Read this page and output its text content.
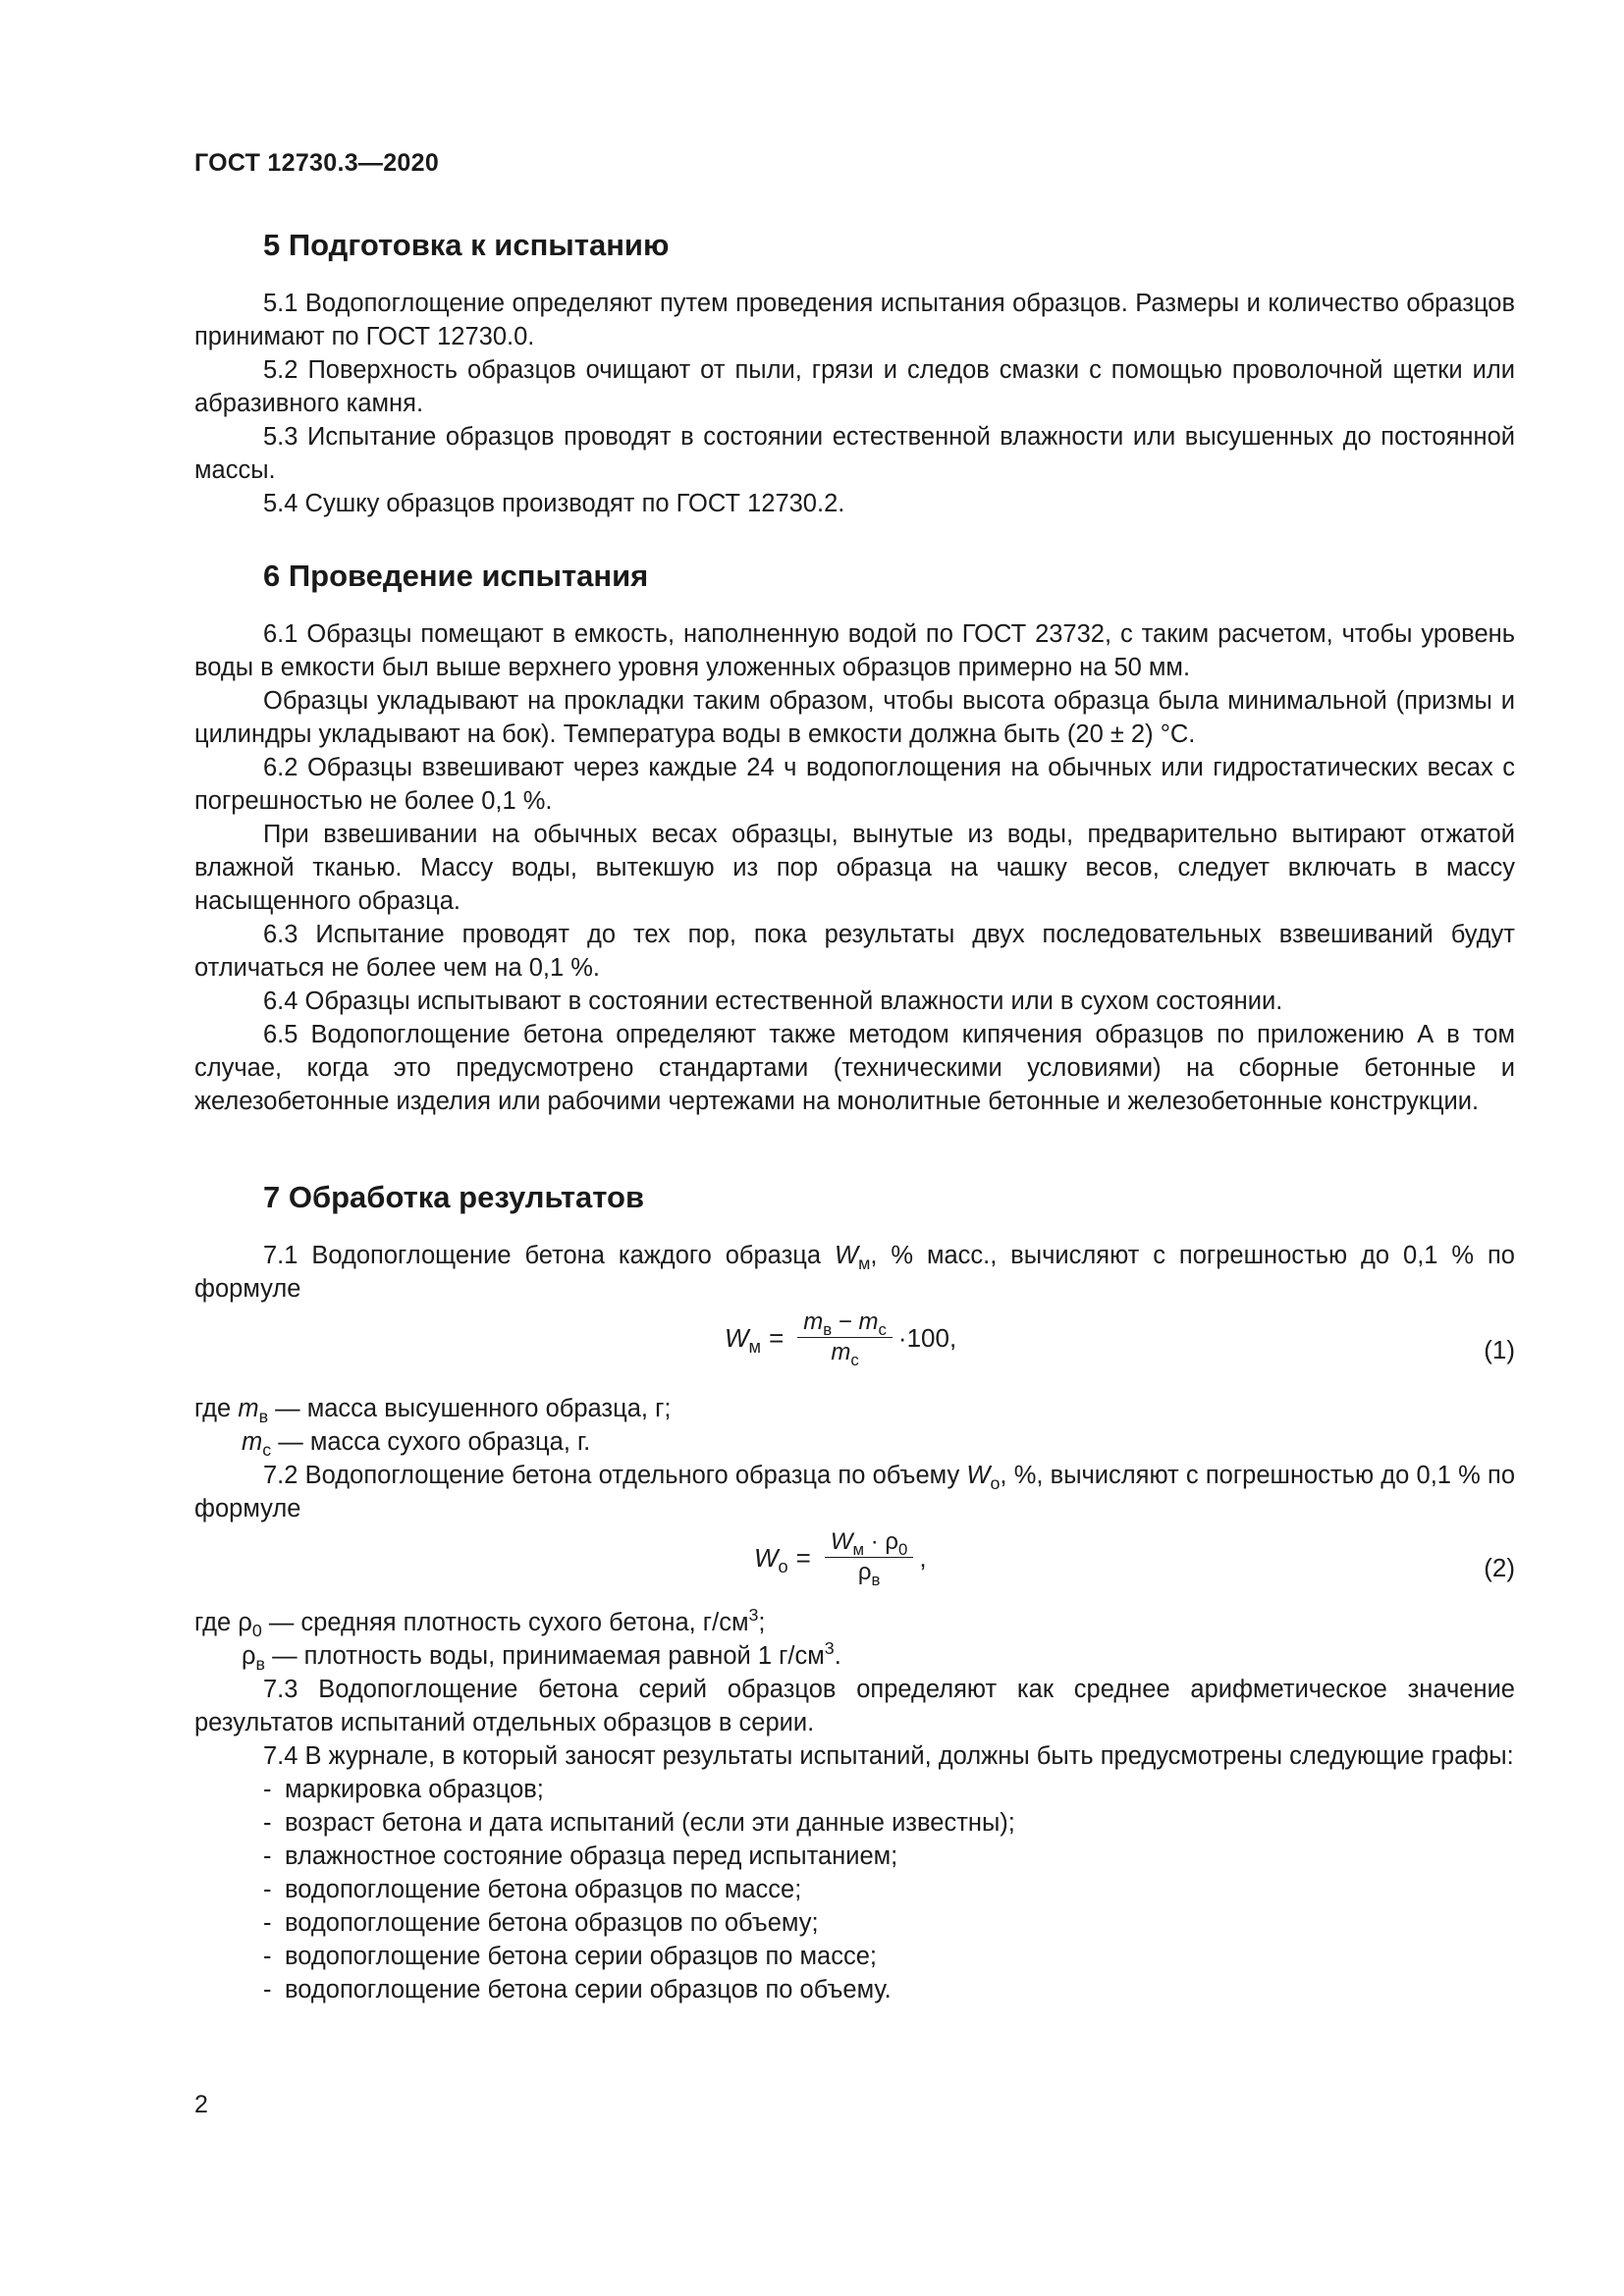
ГОСТ 12730.3—2020
5 Подготовка к испытанию

5.1 Водопоглощение определяют путем проведения испытания образцов. Размеры и количество образцов принимают по ГОСТ 12730.0.

5.2 Поверхность образцов очищают от пыли, грязи и следов смазки с помощью проволочной щетки или абразивного камня.

5.3 Испытание образцов проводят в состоянии естественной влажности или высушенных до постоянной массы.

5.4 Сушку образцов производят по ГОСТ 12730.2.

6 Проведение испытания

6.1 Образцы помещают в емкость, наполненную водой по ГОСТ 23732, с таким расчетом, чтобы уровень воды в емкости был выше верхнего уровня уложенных образцов примерно на 50 мм.

Образцы укладывают на прокладки таким образом, чтобы высота образца была минимальной (призмы и цилиндры укладывают на бок). Температура воды в емкости должна быть (20 ± 2) °С.

6.2 Образцы взвешивают через каждые 24 ч водопоглощения на обычных или гидростатических весах с погрешностью не более 0,1 %.

При взвешивании на обычных весах образцы, вынутые из воды, предварительно вытирают отжатой влажной тканью. Массу воды, вытекшую из пор образца на чашку весов, следует включать в массу насыщенного образца.

6.3 Испытание проводят до тех пор, пока результаты двух последовательных взвешиваний будут отличаться не более чем на 0,1 %.

6.4 Образцы испытывают в состоянии естественной влажности или в сухом состоянии.

6.5 Водопоглощение бетона определяют также методом кипячения образцов по приложению А в том случае, когда это предусмотрено стандартами (техническими условиями) на сборные бетонные и железобетонные изделия или рабочими чертежами на монолитные бетонные и железобетонные конструкции.

7 Обработка результатов

7.1 Водопоглощение бетона каждого образца $W_м$, % масс., вычисляют с погрешностью до 0,1 % по формуле

$W_м = \frac{m_в - m_с}{m_с} \cdot 100$,	(1)

где $m_в$ — масса высушенного образца, г;

$m_с$ — масса сухого образца, г.

7.2 Водопоглощение бетона отдельного образца по объему $W_о$, %, вычисляют с погрешностью до 0,1 % по формуле

$W_о = \frac{W_м \cdot \rho_0}{\rho_в}$ ,	(2)

где $\rho_0$ — средняя плотность сухого бетона, $г/см^3$;

$\rho_в$ — плотность воды, принимаемая равной 1 $г/см^3$.

7.3 Водопоглощение бетона серий образцов определяют как среднее арифметическое значение результатов испытаний отдельных образцов в серии.

7.4 В журнале, в который заносят результаты испытаний, должны быть предусмотрены следующие графы:

- маркировка образцов;
- возраст бетона и дата испытаний (если эти данные известны);
- влажностное состояние образца перед испытанием;
- водопоглощение бетона образцов по массе;
- водопоглощение бетона образцов по объему;
- водопоглощение бетона серии образцов по массе;
- водопоглощение бетона серии образцов по объему.
2
